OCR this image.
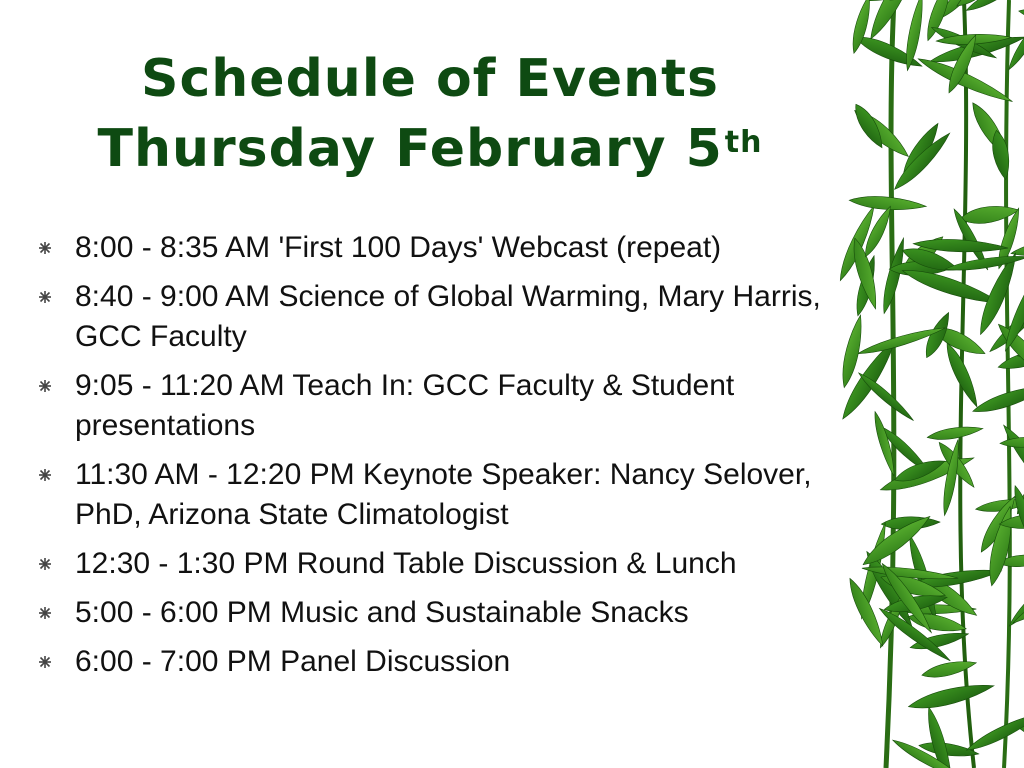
Schedule of Events
Thursday February 5th
8:00 - 8:35 AM 'First 100 Days' Webcast (repeat)
8:40 - 9:00 AM Science of Global Warming, Mary Harris, GCC Faculty
9:05 - 11:20 AM Teach In: GCC Faculty & Student presentations
11:30 AM - 12:20 PM Keynote Speaker: Nancy Selover, PhD, Arizona State Climatologist
12:30 - 1:30 PM Round Table Discussion & Lunch
5:00 - 6:00 PM Music and Sustainable Snacks
6:00 - 7:00 PM Panel Discussion
